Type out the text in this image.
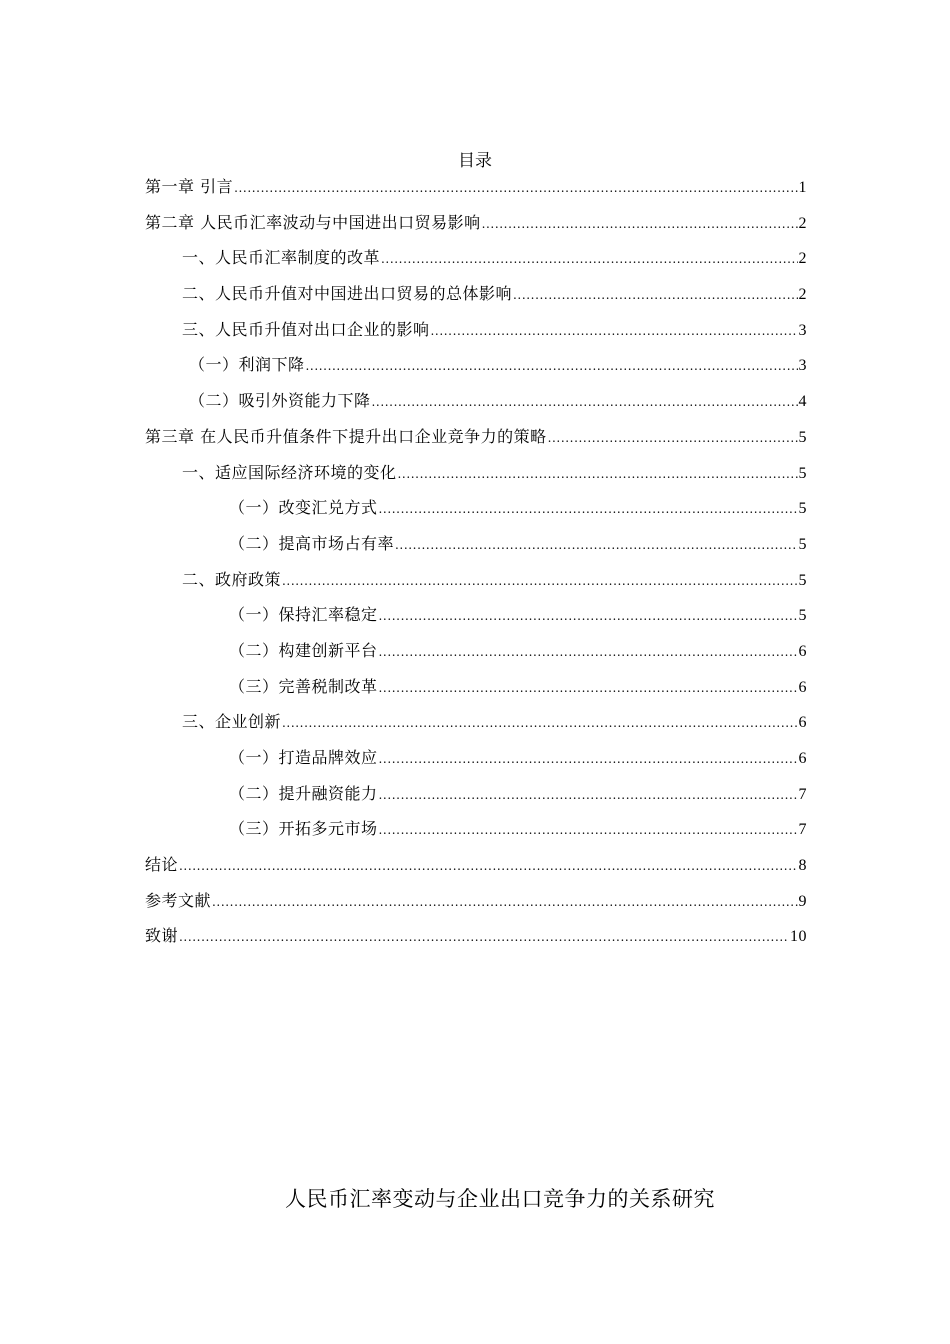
目录
第一章 引言 .....	1
第二章 人民币汇率波动与中国进出口贸易影响 .....	2
一、人民币汇率制度的改革 .....	2
二、人民币升值对中国进出口贸易的总体影响 .....	2
三、人民币升值对出口企业的影响 .....	3
（一）利润下降 .....	3
（二）吸引外资能力下降 .....	4
第三章 在人民币升值条件下提升出口企业竞争力的策略 .....	5
一、适应国际经济环境的变化 .....	5
（一）改变汇兑方式 .....	5
（二）提高市场占有率 .....	5
二、政府政策 .....	5
（一）保持汇率稳定 .....	5
（二）构建创新平台 .....	6
（三）完善税制改革 .....	6
三、企业创新 .....	6
（一）打造品牌效应 .....	6
（二）提升融资能力 .....	7
（三）开拓多元市场 .....	7
结论 .....	8
参考文献 .....	9
致谢 .....	10
人民币汇率变动与企业出口竞争力的关系研究
